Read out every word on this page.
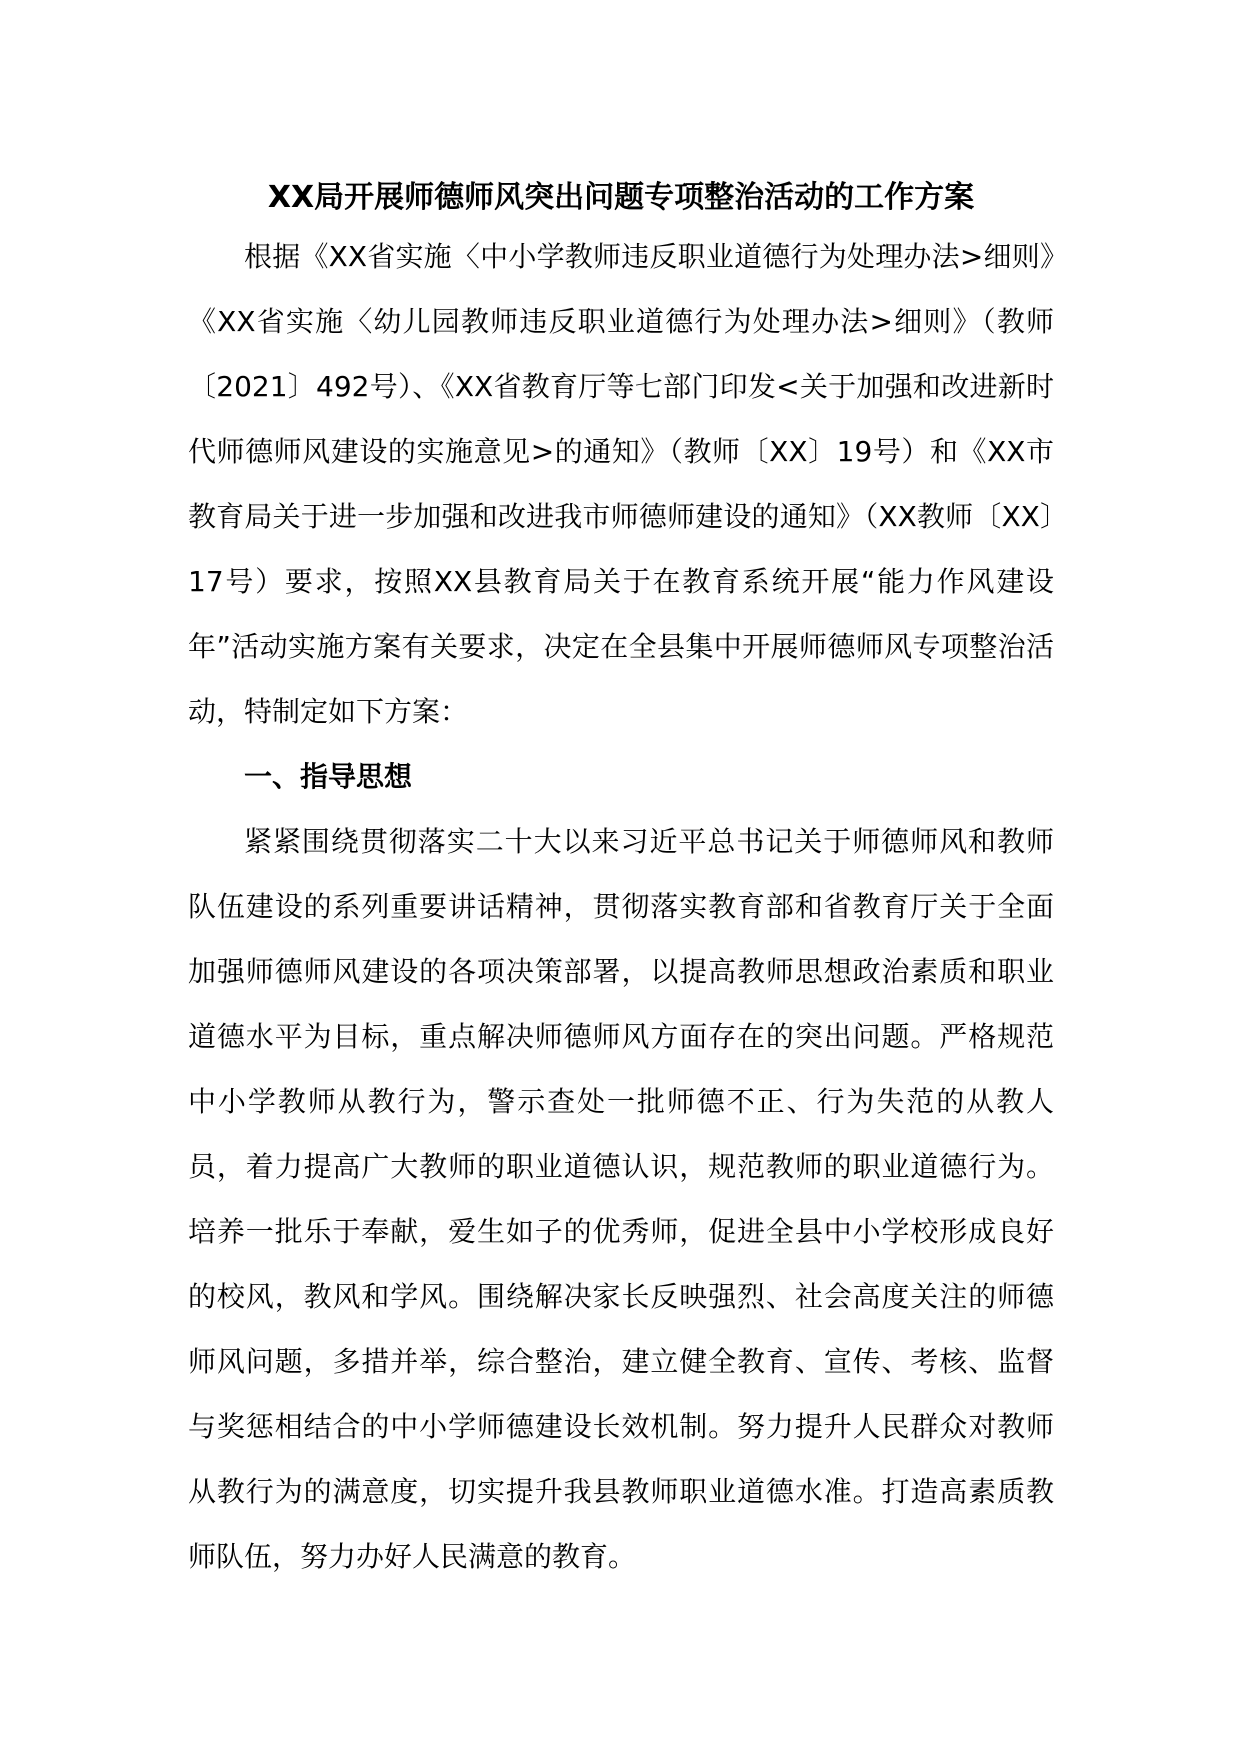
XX局开展师德师风突出问题专项整治活动的工作方案

根据《XX省实施〈中小学教师违反职业道德行为处理办法>细则》《XX省实施〈幼儿园教师违反职业道德行为处理办法>细则》（教师〔2021〕492号）、《XX省教育厅等七部门印发<关于加强和改进新时代师德师风建设的实施意见>的通知》（教师〔XX〕19号）和《XX市教育局关于进一步加强和改进我市师德师建设的通知》（XX教师〔XX〕17号）要求，按照XX县教育局关于在教育系统开展“能力作风建设年”活动实施方案有关要求，决定在全县集中开展师德师风专项整治活动，特制定如下方案：

一、指导思想

紧紧围绕贯彻落实二十大以来习近平总书记关于师德师风和教师队伍建设的系列重要讲话精神，贯彻落实教育部和省教育厅关于全面加强师德师风建设的各项决策部署，以提高教师思想政治素质和职业道德水平为目标，重点解决师德师风方面存在的突出问题。严格规范中小学教师从教行为，警示查处一批师德不正、行为失范的从教人员，着力提高广大教师的职业道德认识，规范教师的职业道德行为。培养一批乐于奉献，爱生如子的优秀师，促进全县中小学校形成良好的校风，教风和学风。围绕解决家长反映强烈、社会高度关注的师德师风问题，多措并举，综合整治，建立健全教育、宣传、考核、监督与奖惩相结合的中小学师德建设长效机制。努力提升人民群众对教师从教行为的满意度，切实提升我县教师职业道德水准。打造高素质教师队伍，努力办好人民满意的教育。
